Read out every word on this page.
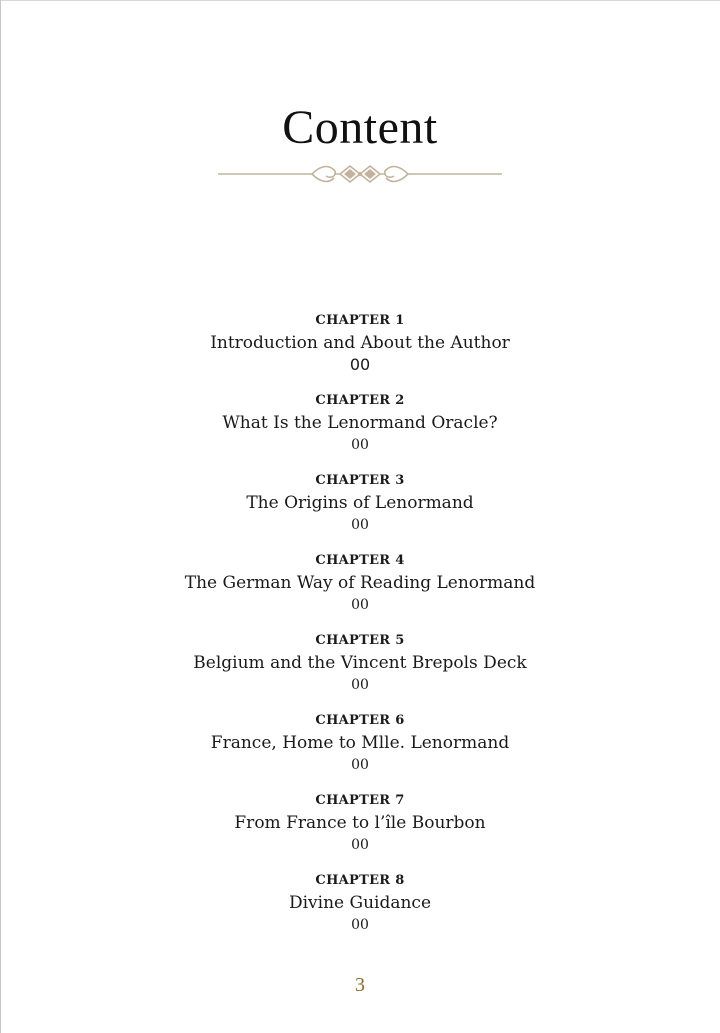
Content
CHAPTER 1
Introduction and About the Author
00
CHAPTER 2
What Is the Lenormand Oracle?
00
CHAPTER 3
The Origins of Lenormand
00
CHAPTER 4
The German Way of Reading Lenormand
00
CHAPTER 5
Belgium and the Vincent Brepols Deck
00
CHAPTER 6
France, Home to Mlle. Lenormand
00
CHAPTER 7
From France to l’île Bourbon
00
CHAPTER 8
Divine Guidance
00
3
